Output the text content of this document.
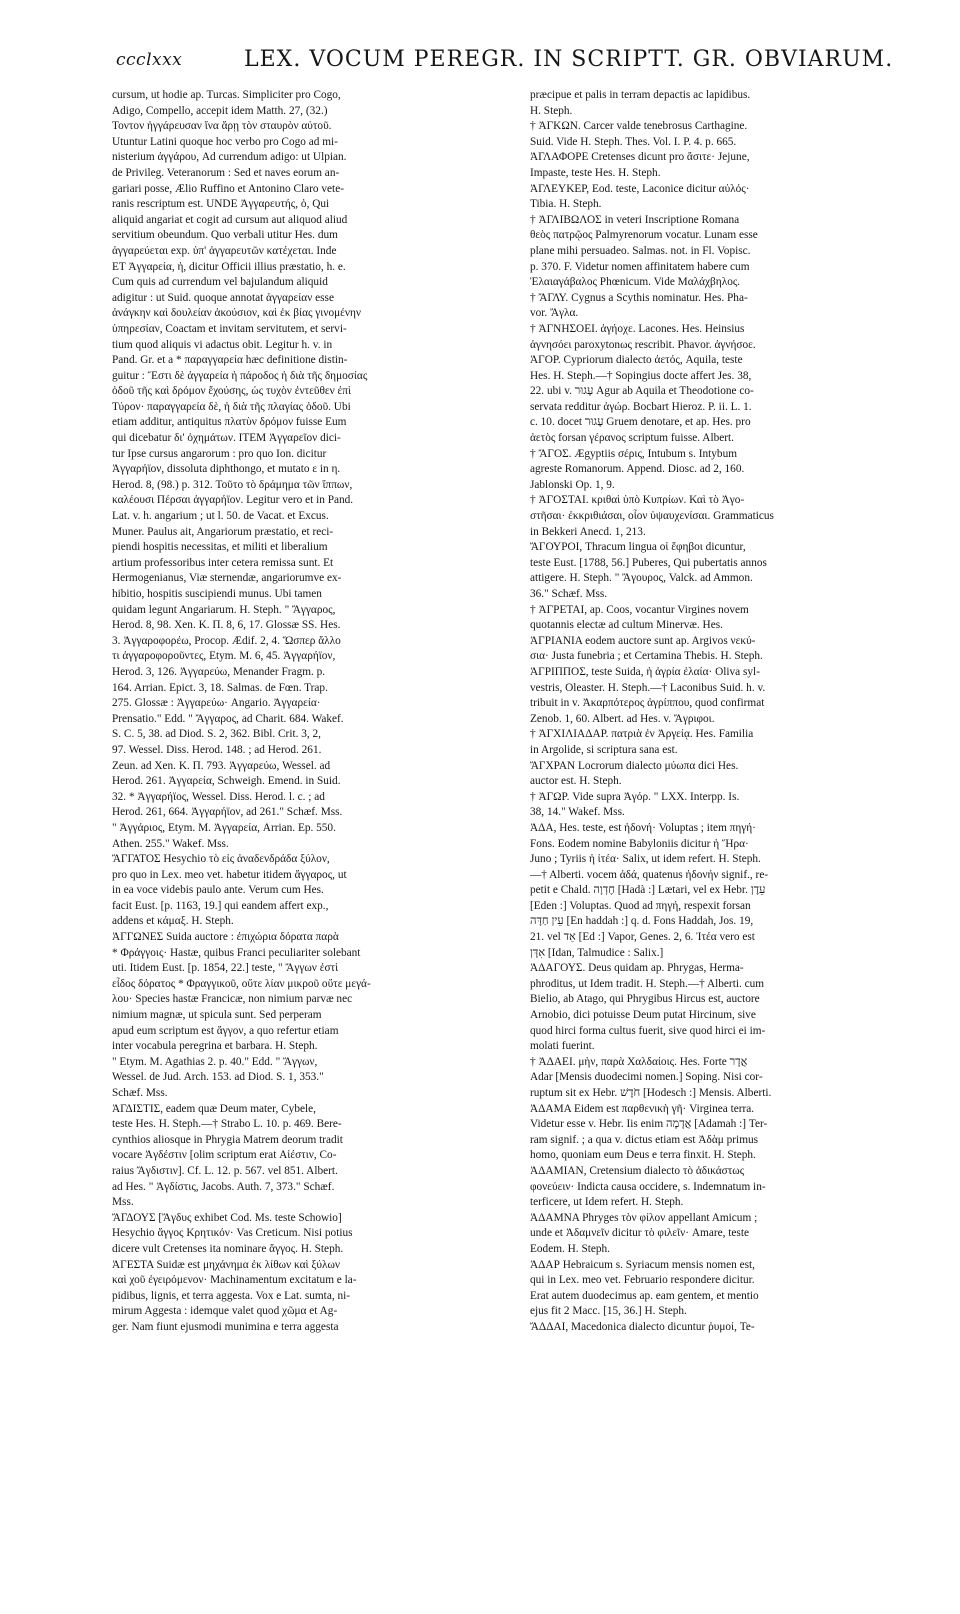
ccclxxx	LEX. VOCUM PEREGR. IN SCRIPTT. GR. OBVIARUM.
cursum, ut hodie ap. Turcas. Simpliciter pro Cogo,
Adigo, Compello, accepit idem Matth. 27, (32.)
Τοντον ἠγγάρευσαν ἵνα ἄρῃ τὸν σταυρὸν αὐτοῦ.
Utuntur Latini quoque hoc verbo pro Cogo ad mi-
nisterium ἀγγάρου, Ad currendum adigo: ut Ulpian.
de Privileg. Veteranorum : Sed et naves eorum an-
gariari posse, Ælio Ruffino et Antonino Claro vete-
ranis rescriptum est. UNDE Ἀγγαρευτής, ὁ, Qui
aliquid angariat et cogit ad cursum aut aliquod aliud
servitium obeundum. Quo verbali utitur Hes. dum
ἀγγαρεύεται exp. ὑπ' ἀγγαρευτῶν κατέχεται. Inde
ET Ἀγγαρεία, ἡ, dicitur Officii illius præstatio, h. e.
Cum quis ad currendum vel bajulandum aliquid
adigitur : ut Suid. quoque annotat ἀγγαρείαν esse
ἀνάγκην καὶ δουλείαν ἀκούσιον, καὶ ἐκ βίας γινομένην
ὑπηρεσίαν, Coactam et invitam servitutem, et servi-
tium quod aliquis vi adactus obit. Legitur h. v. in
Pand. Gr. et a * παραγγαρεία hæc definitione distin-
guitur : Ἔστι δὲ ἀγγαρεία ἡ πάροδος ἡ διὰ τῆς δημοσίας
ὁδοῦ τῆς καὶ δρόμον ἔχούσης, ὡς τυχὸν ἐντεῦθεν ἐπὶ
Τύρον· παραγγαρεία δὲ, ἡ διὰ τῆς πλαγίας ὁδοῦ. Ubi
etiam additur, antiquitus πλατὺν δρόμον fuisse Eum
qui dicebatur δι' ὀχημάτων. ITEM Ἀγγαρεῖον dici-
tur Ipse cursus angarorum : pro quo Ion. dicitur
Ἀγγαρήϊον, dissoluta diphthongo, et mutato ε in η.
Herod. 8, (98.) p. 312. Τοῦτο τὸ δράμημα τῶν ἵππων,
καλέουσι Πέρσαι ἀγγαρήϊον. Legitur vero et in Pand.
Lat. v. h. angarium ; ut l. 50. de Vacat. et Excus.
Muner. Paulus ait, Angariorum præstatio, et reci-
piendi hospitis necessitas, et militi et liberalium
artium professoribus inter cetera remissa sunt. Et
Hermogenianus, Viæ sternendæ, angariorumve ex-
hibitio, hospitis suscipiendi munus. Ubi tamen
quidam legunt Angariarum. H. Steph. " Ἄγγαρος,
Herod. 8, 98. Xen. K. Π. 8, 6, 17. Glossæ SS. Hes.
3. Ἀγγαροφορέω, Procop. Ædif. 2, 4. Ὥσπερ ἄλλο
τι ἀγγαροφοροῦντες, Etym. M. 6, 45. Ἀγγαρήϊον,
Herod. 3, 126. Ἀγγαρεύω, Menander Fragm. p.
164. Arrian. Epict. 3, 18. Salmas. de Fœn. Trap.
275. Glossæ : Ἀγγαρεύω· Angario. Ἀγγαρεία·
Prensatio." Edd. " Ἄγγαρος, ad Charit. 684. Wakef.
S. C. 5, 38. ad Diod. S. 2, 362. Bibl. Crit. 3, 2,
97. Wessel. Diss. Herod. 148. ; ad Herod. 261.
Zeun. ad Xen. K. Π. 793. Ἀγγαρεύω, Wessel. ad
Herod. 261. Ἀγγαρεία, Schweigh. Emend. in Suid.
32. * Ἀγγαρήϊος, Wessel. Diss. Herod. l. c. ; ad
Herod. 261, 664. Ἀγγαρήϊον, ad 261." Schæf. Mss.
" Ἀγγάριος, Etym. M. Ἀγγαρεία, Arrian. Ep. 550.
Athen. 255." Wakef. Mss.
ἌΓΓΑΤΟΣ Hesychio τὸ εἰς ἀναδενδράδα ξύλον,
pro quo in Lex. meo vet. habetur itidem ἄγγαρος, ut
in ea voce videbis paulo ante. Verum cum Hes.
facit Eust. [p. 1163, 19.] qui eandem affert exp.,
addens et κάμαξ. H. Steph.
ἈΓΓΩΝΕΣ Suida auctore : ἐπιχώρια δόρατα παρὰ
* Φράγγοις· Hastæ, quibus Franci peculiariter solebant
uti. Itidem Eust. [p. 1854, 22.] teste, " Ἄγγων ἐστὶ
εἶδος δόρατος * Φραγγικοῦ, οὔτε λίαν μικροῦ οὔτε μεγά-
λου· Species hastæ Francicæ, non nimium parvæ nec
nimium magnæ, ut spicula sunt. Sed perperam
apud eum scriptum est ἄγγον, a quo refertur etiam
inter vocabula peregrina et barbara. H. Steph.
" Etym. M. Agathias 2. p. 40." Edd. " Ἄγγων,
Wessel. de Jud. Arch. 153. ad Diod. S. 1, 353."
Schæf. Mss.
ἈΓΔΙΣΤΙΣ, eadem quæ Deum mater, Cybele,
teste Hes. H. Steph.—† Strabo L. 10. p. 469. Bere-
cynthios aliosque in Phrygia Matrem deorum tradit
vocare Ἀγδέστιν [olim scriptum erat Αἰέστιν, Co-
raius Ἄγδιστιν]. Cf. L. 12. p. 567. vel 851. Albert.
ad Hes. " Ἀγδίστις, Jacobs. Auth. 7, 373." Schæf.
Mss.
ἌΓΔΟΥΣ [Ἄγδυς exhibet Cod. Ms. teste Schowio]
Hesychio ἄγγος Κρητικόν· Vas Creticum. Nisi potius
dicere vult Cretenses ita nominare ἄγγος. H. Steph.
ἈΓΕΣΤΑ Suidæ est μηχάνημα ἐκ λίθων καὶ ξύλων
καὶ χοῦ ἐγειρόμενον· Machinamentum excitatum e la-
pidibus, lignis, et terra aggesta. Vox e Lat. sumta, ni-
mirum Aggesta : idemque valet quod χῶμα et Ag-
ger. Nam fiunt ejusmodi munimina e terra aggesta
præcipue et palis in terram depactis ac lapidibus.
H. Steph.
† ἈΓΚΩΝ. Carcer valde tenebrosus Carthagine.
Suid. Vide H. Steph. Thes. Vol. I. P. 4. p. 665.
ἈΓΛΑΦΟΡΕ Cretenses dicunt pro ἄσιτε· Jejune,
Impaste, teste Hes. H. Steph.
ἈΓΛΕΥΚΕΡ, Eod. teste, Laconice dicitur αὐλός·
Tibia. H. Steph.
† ἈΓΛΙΒΩΛΟΣ in veteri Inscriptione Romana
θεὸς πατρῷος Palmyrenorum vocatur. Lunam esse
plane mihi persuadeo. Salmas. not. in Fl. Vopisc.
p. 370. F. Videtur nomen affinitatem habere cum
Ἐλαιαγάβαλος Phœnicum. Vide Μαλάχβηλος.
† ἌΓΛΥ. Cygnus a Scythis nominatur. Hes. Pha-
vor. Ἄγλα.
† ἈΓΝΗΣΟΕΙ. ἁγήοχε. Lacones. Hes. Heinsius
ἀγνησόει paroxytonως rescribit. Phavor. ἀγνήσοε.
ἈΓΟΡ. Cypriorum dialecto ἀετός, Aquila, teste
Hes. H. Steph.—† Sopingius docte affert Jes. 38,
22. ubi v. עָגוּר Agur ab Aquila et Theodotione co-
servata redditur ἀγώρ. Bocbart Hieroz. P. ii. L. 1.
c. 10. docet עָגוּר Gruem denotare, et ap. Hes. pro
ἀετὸς forsan γέρανος scriptum fuisse. Albert.
† ἌΓΟΣ. Ægyptiis σέρις, Intubum s. Intybum
agreste Romanorum. Append. Diosc. ad 2, 160.
Jablonski Op. 1, 9.
† ἈΓΟΣΤΑΙ. κριθαὶ ὑπὸ Κυπρίων. Καὶ τὸ Ἀγο-
στῆσαι· ἐκκριθιάσαι, οἷον ὑψαυχενίσαι. Grammaticus
in Bekkeri Anecd. 1, 213.
ἌΓΟΥΡΟΙ, Thracum lingua οἱ ἔφηβοι dicuntur,
teste Eust. [1788, 56.] Puberes, Qui pubertatis annos
attigere. H. Steph. " Ἄγουρος, Valck. ad Ammon.
36." Schæf. Mss.
† ἈΓΡΕΤΑΙ, ap. Coos, vocantur Virgines novem
quotannis electæ ad cultum Minervæ. Hes.
ἈΓΡΙΑΝΙΑ eodem auctore sunt ap. Argivos νεκύ-
σια· Justa funebria ; et Certamina Thebis. H. Steph.
ἈΓΡΙΠΠΟΣ, teste Suida, ἡ ἀγρία ἐλαία· Oliva syl-
vestris, Oleaster. H. Steph.—† Laconibus Suid. h. v.
tribuit in v. Ἀκαρπότερος ἀγρίππου, quod confirmat
Zenob. 1, 60. Albert. ad Hes. v. Ἄγριφοι.
† ἈΓΧΙΛΙΑΔΑΡ. πατριὰ ἐν Ἀργείᾳ. Hes. Familia
in Argolide, si scriptura sana est.
ἌΓΧΡΑΝ Locrorum dialecto μύωπα dici Hes.
auctor est. H. Steph.
† ἈΓΩΡ. Vide supra Ἀγόρ. " LXX. Interpp. Is.
38, 14." Wakef. Mss.
ἈΔΑ, Hes. teste, est ἡδονή· Voluptas ; item πηγή·
Fons. Eodem nomine Babyloniis dicitur ἡ Ἥρα·
Juno ; Tyriis ἡ ἰτέα· Salix, ut idem refert. H. Steph.
—† Alberti. vocem ἀδά, quatenus ἡδονήν signif., re-
petit e Chald. חֶדְוָה [Hadà :] Lætari, vel ex Hebr. עֵדֶן
[Eden :] Voluptas. Quod ad πηγή, respexit forsan
עֵין חַדָּה [En haddah :] q. d. Fons Haddah, Jos. 19,
21. vel אֵד [Ed :] Vapor, Genes. 2, 6. Ἰτέα vero est
אִדָּן [Idan, Talmudice : Salix.]
ἈΔΑΓΟΥΣ. Deus quidam ap. Phrygas, Herma-
phroditus, ut Idem tradit. H. Steph.—† Alberti. cum
Bielio, ab Atago, qui Phrygibus Hircus est, auctore
Arnobio, dici potuisse Deum putat Hircinum, sive
quod hirci forma cultus fuerit, sive quod hirci ei im-
molati fuerint.
† ἈΔΑΕΙ. μὴν, παρὰ Χαλδαίοις. Hes. Forte אֲדָר
Adar [Mensis duodecimi nomen.] Soping. Nisi cor-
ruptum sit ex Hebr. חֹדֶשׁ [Hodesch :] Mensis. Alberti.
ἈΔΑΜΑ Eidem est παρθενικὴ γῆ· Virginea terra.
Videtur esse v. Hebr. Iis enim אֲדָמָה [Adamah :] Ter-
ram signif. ; a qua v. dictus etiam est Ἀδὰμ primus
homo, quoniam eum Deus e terra finxit. H. Steph.
ἈΔΑΜΙΑΝ, Cretensium dialecto τὸ ἀδικάστως
φονεύειν· Indicta causa occidere, s. Indemnatum in-
terficere, ut Idem refert. H. Steph.
ἈΔΑΜΝΑ Phryges τὸν φίλον appellant Amicum ;
unde et Ἀδαμνεῖν dicitur τὸ φιλεῖν· Amare, teste
Eodem. H. Steph.
ἈΔΑΡ Hebraicum s. Syriacum mensis nomen est,
qui in Lex. meo vet. Februario respondere dicitur.
Erat autem duodecimus ap. eam gentem, et mentio
ejus fit 2 Macc. [15, 36.] H. Steph.
ἌΔΔΑΙ, Macedonica dialecto dicuntur ῥυμοί, Te-
